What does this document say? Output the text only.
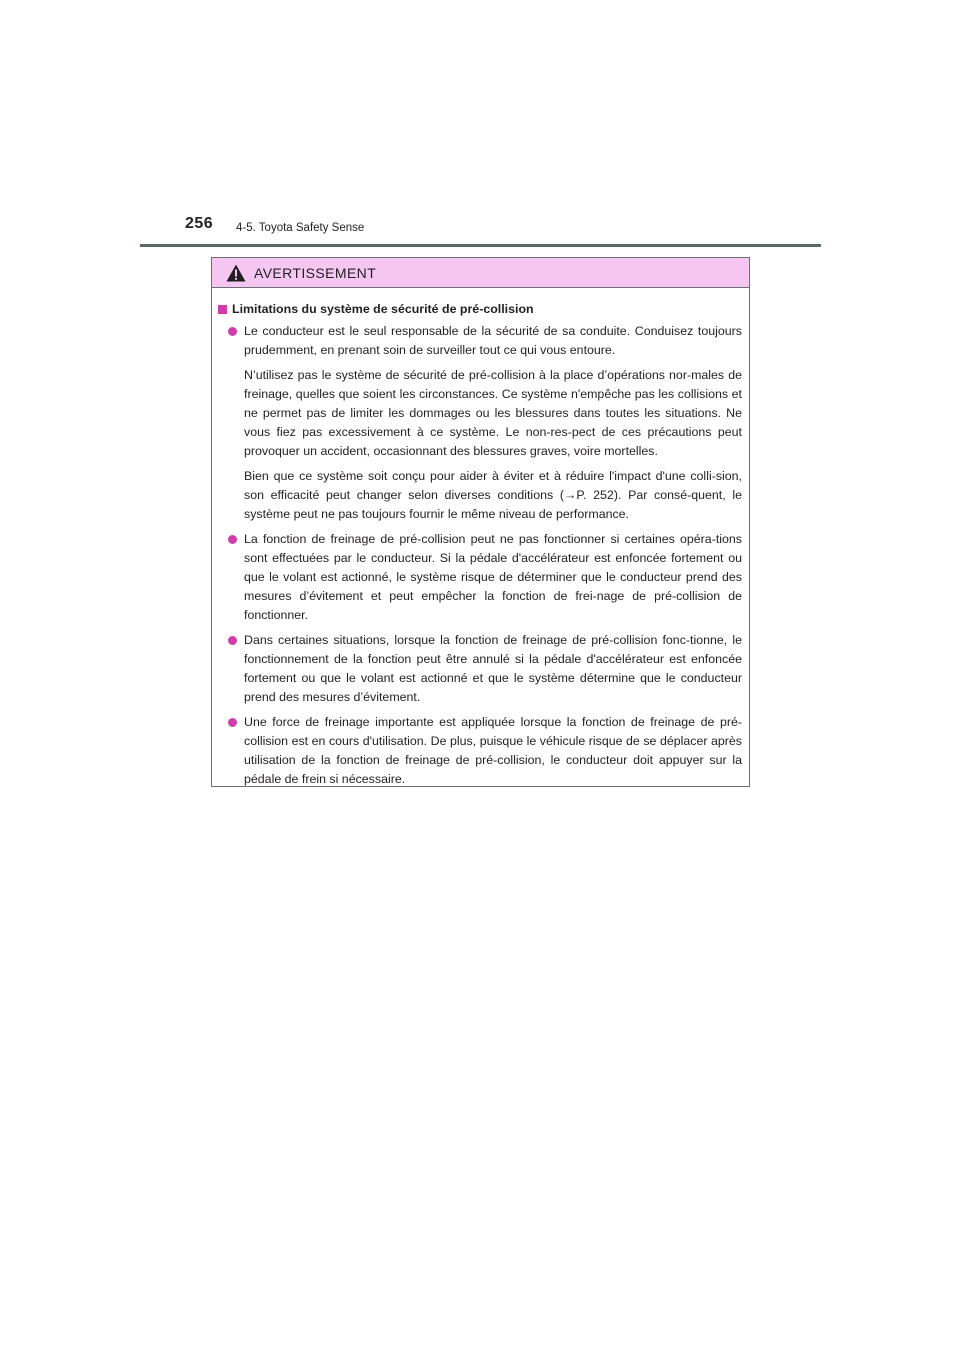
256 4-5. Toyota Safety Sense
AVERTISSEMENT
Limitations du système de sécurité de pré-collision
Le conducteur est le seul responsable de la sécurité de sa conduite. Conduisez toujours prudemment, en prenant soin de surveiller tout ce qui vous entoure.
N’utilisez pas le système de sécurité de pré-collision à la place d’opérations nor-males de freinage, quelles que soient les circonstances. Ce système n'empêche pas les collisions et ne permet pas de limiter les dommages ou les blessures dans toutes les situations. Ne vous fiez pas excessivement à ce système. Le non-res-pect de ces précautions peut provoquer un accident, occasionnant des blessures graves, voire mortelles.
Bien que ce système soit conçu pour aider à éviter et à réduire l'impact d'une colli-sion, son efficacité peut changer selon diverses conditions (→P. 252). Par consé-quent, le système peut ne pas toujours fournir le même niveau de performance.
La fonction de freinage de pré-collision peut ne pas fonctionner si certaines opéra-tions sont effectuées par le conducteur. Si la pédale d'accélérateur est enfoncée fortement ou que le volant est actionné, le système risque de déterminer que le conducteur prend des mesures d’évitement et peut empêcher la fonction de frei-nage de pré-collision de fonctionner.
Dans certaines situations, lorsque la fonction de freinage de pré-collision fonc-tionne, le fonctionnement de la fonction peut être annulé si la pédale d'accélérateur est enfoncée fortement ou que le volant est actionné et que le système détermine que le conducteur prend des mesures d’évitement.
Une force de freinage importante est appliquée lorsque la fonction de freinage de pré-collision est en cours d'utilisation. De plus, puisque le véhicule risque de se déplacer après utilisation de la fonction de freinage de pré-collision, le conducteur doit appuyer sur la pédale de frein si nécessaire.
